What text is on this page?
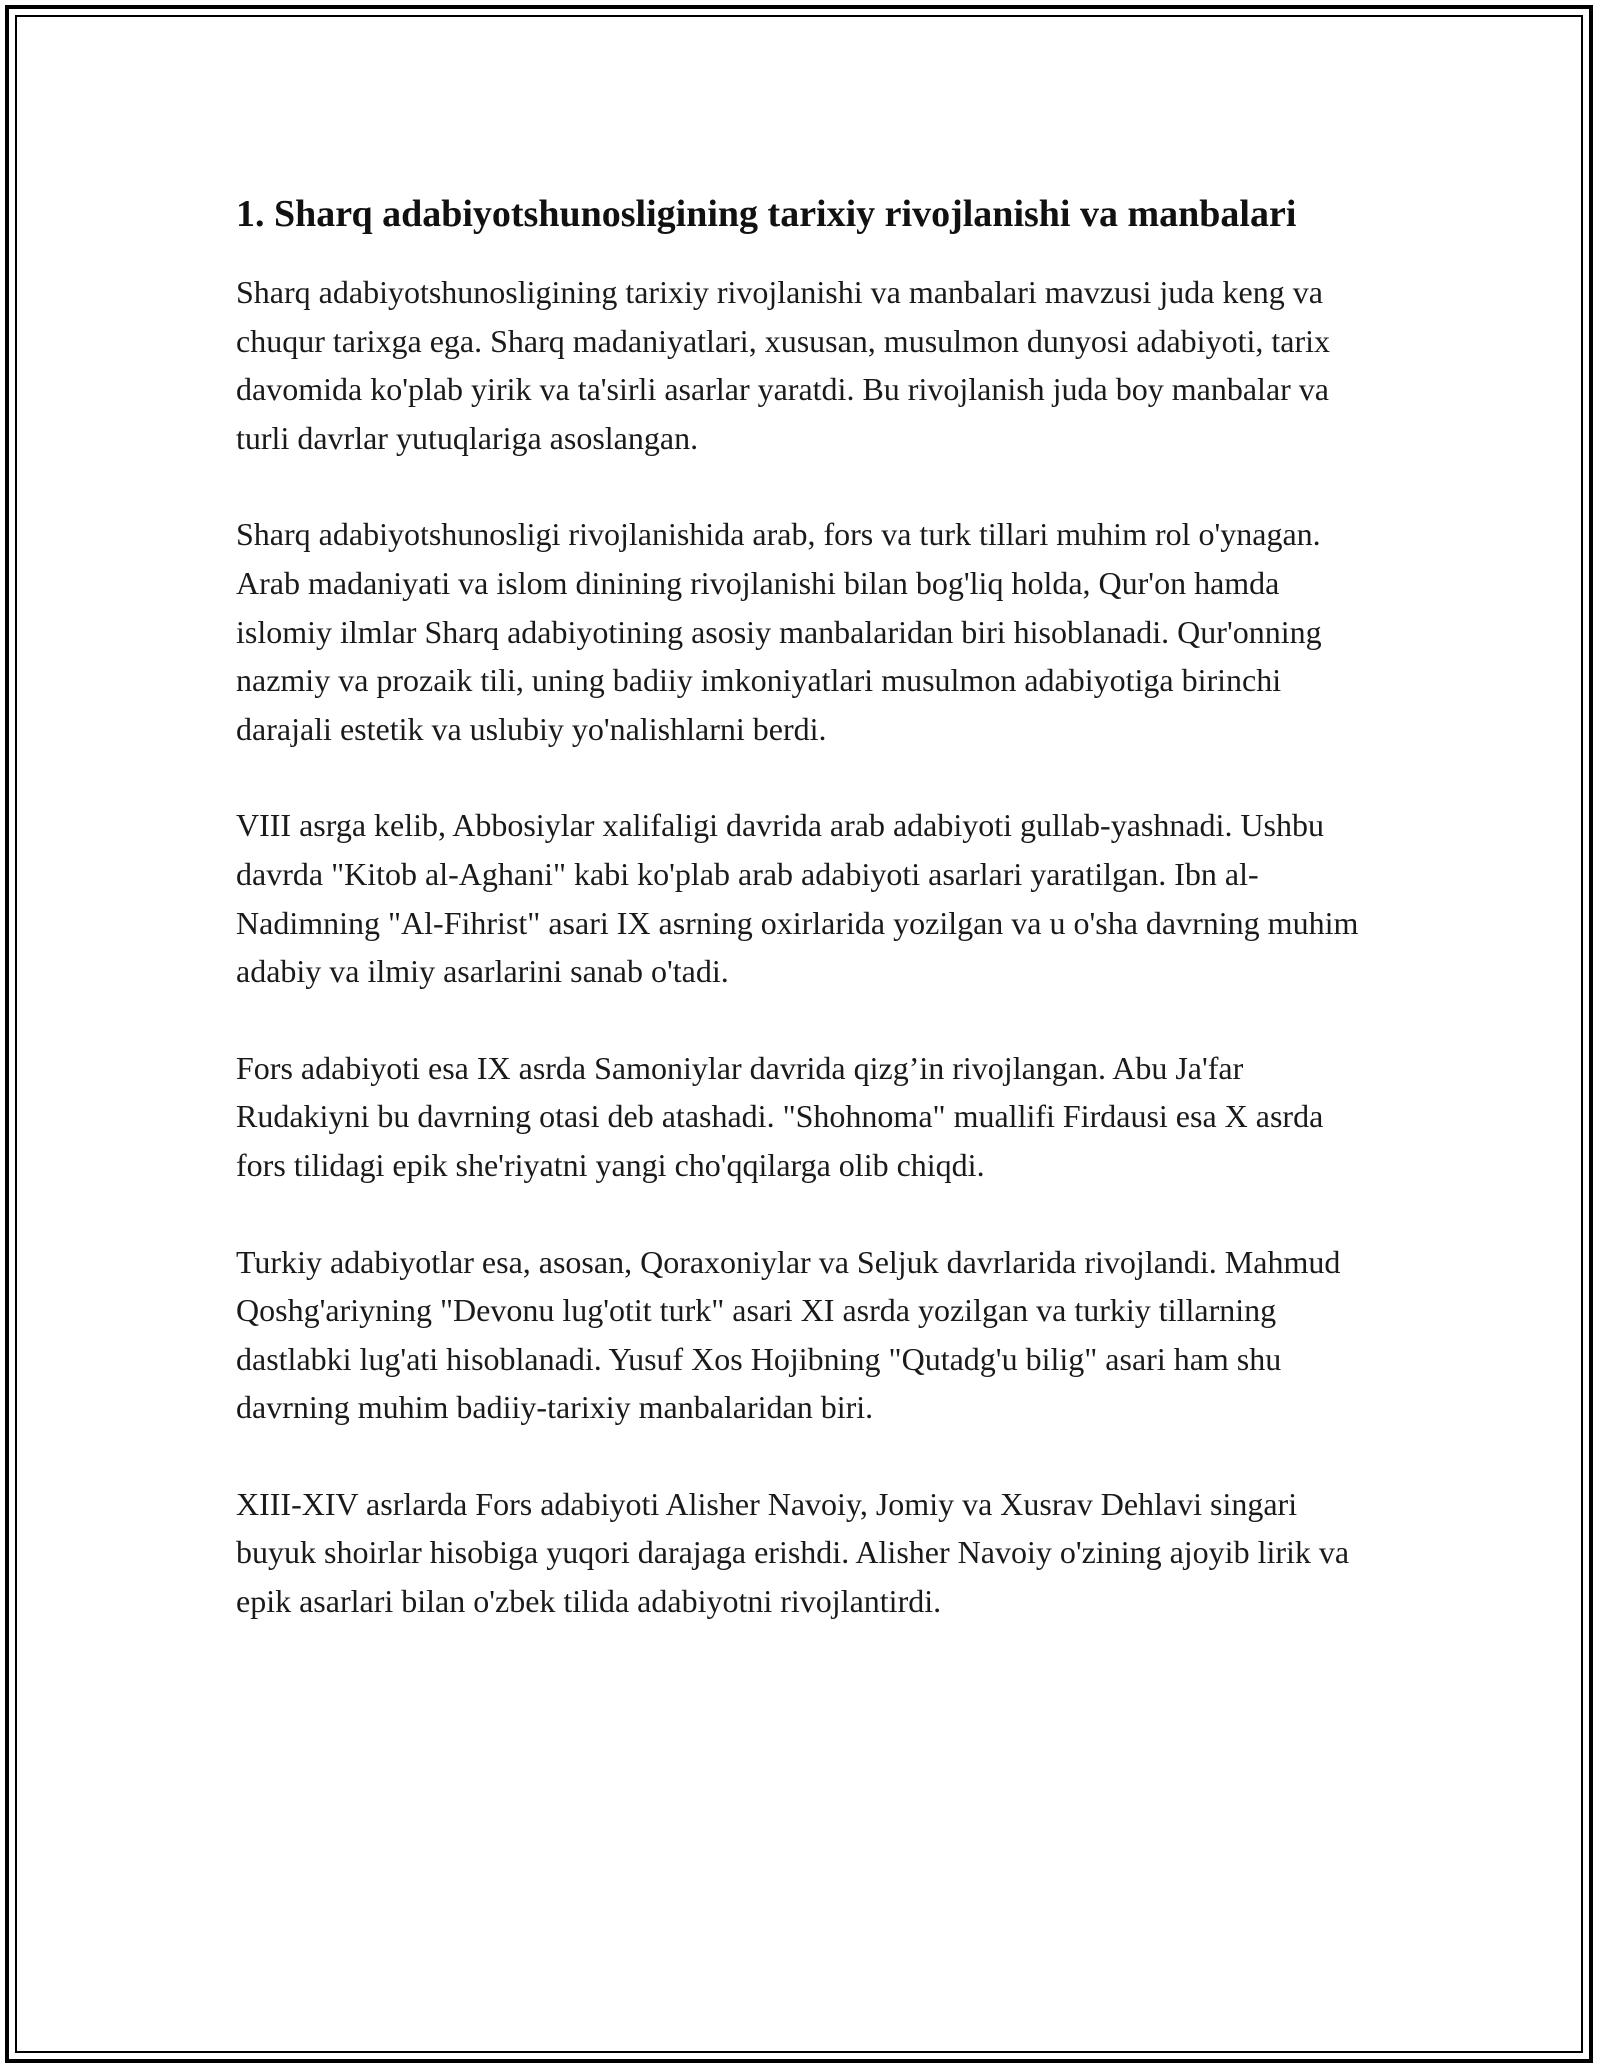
1. Sharq adabiyotshunosligining tarixiy rivojlanishi va manbalari

Sharq adabiyotshunosligining tarixiy rivojlanishi va manbalari mavzusi juda keng va chuqur tarixga ega. Sharq madaniyatlari, xususan, musulmon dunyosi adabiyoti, tarix davomida ko'plab yirik va ta'sirli asarlar yaratdi. Bu rivojlanish juda boy manbalar va turli davrlar yutuqlariga asoslangan.

Sharq adabiyotshunosligi rivojlanishida arab, fors va turk tillari muhim rol o'ynagan. Arab madaniyati va islom dinining rivojlanishi bilan bog'liq holda, Qur'on hamda islomiy ilmlar Sharq adabiyotining asosiy manbalaridan biri hisoblanadi. Qur'onning nazmiy va prozaik tili, uning badiiy imkoniyatlari musulmon adabiyotiga birinchi darajali estetik va uslubiy yo'nalishlarni berdi.

VIII asrga kelib, Abbosiylar xalifaligi davrida arab adabiyoti gullab-yashnadi. Ushbu davrda "Kitob al-Aghani" kabi ko'plab arab adabiyoti asarlari yaratilgan. Ibn al-Nadimning "Al-Fihrist" asari IX asrning oxirlarida yozilgan va u o'sha davrning muhim adabiy va ilmiy asarlarini sanab o'tadi.

Fors adabiyoti esa IX asrda Samoniylar davrida qizg’in rivojlangan. Abu Ja'far Rudakiyni bu davrning otasi deb atashadi. "Shohnoma" muallifi Firdausi esa X asrda fors tilidagi epik she'riyatni yangi cho'qqilarga olib chiqdi.

Turkiy adabiyotlar esa, asosan, Qoraxoniylar va Seljuk davrlarida rivojlandi. Mahmud Qoshg'ariyning "Devonu lug'otit turk" asari XI asrda yozilgan va turkiy tillarning dastlabki lug'ati hisoblanadi. Yusuf Xos Hojibning "Qutadg'u bilig" asari ham shu davrning muhim badiiy-tarixiy manbalaridan biri.

XIII-XIV asrlarda Fors adabiyoti Alisher Navoiy, Jomiy va Xusrav Dehlavi singari buyuk shoirlar hisobiga yuqori darajaga erishdi. Alisher Navoiy o'zining ajoyib lirik va epik asarlari bilan o'zbek tilida adabiyotni rivojlantirdi.
